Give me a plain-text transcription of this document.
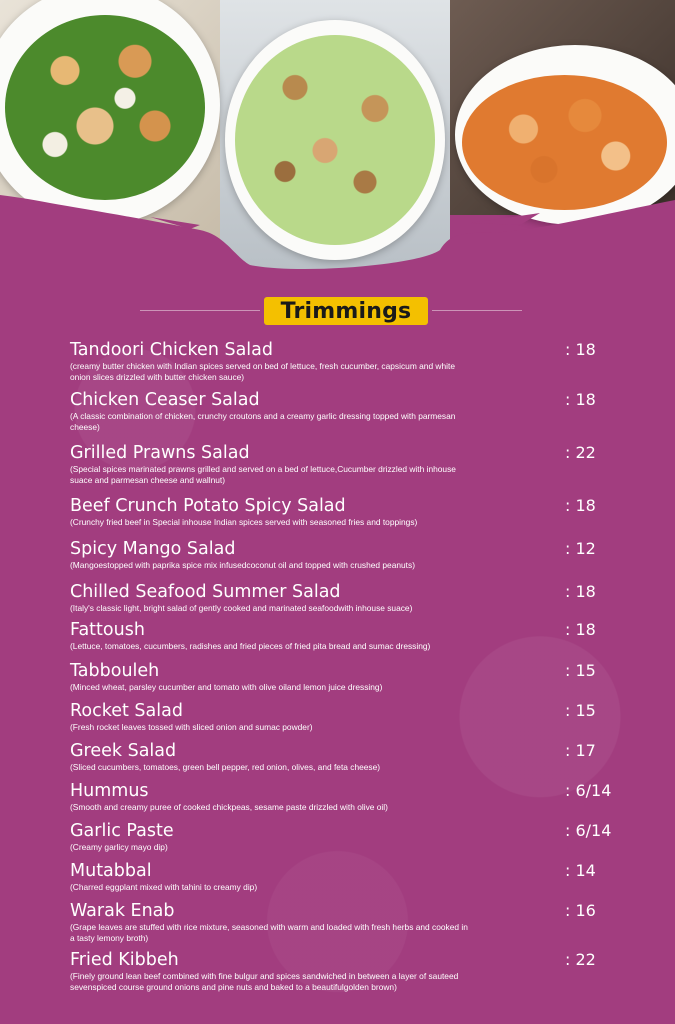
Trimmings
Tandoori Chicken Salad
(creamy butter chicken with Indian spices served on bed of lettuce, fresh cucumber, capsicum and white onion slices drizzled with butter chicken sauce)
: 18
Chicken Ceaser Salad
(A classic combination of chicken, crunchy croutons and a creamy garlic dressing topped with parmesan cheese)
: 18
Grilled Prawns Salad
(Special spices marinated prawns grilled and served on a bed of lettuce,Cucumber drizzled with inhouse suace and parmesan cheese and wallnut)
: 22
Beef Crunch Potato Spicy Salad
(Crunchy fried beef in Special inhouse Indian spices served with seasoned fries and toppings)
: 18
Spicy Mango Salad
(Mangoestopped with paprika spice mix infusedcoconut oil and topped with crushed peanuts)
: 12
Chilled Seafood Summer Salad
(Italy's classic light, bright salad of gently cooked and marinated seafoodwith inhouse suace)
: 18
Fattoush
(Lettuce, tomatoes, cucumbers, radishes and fried pieces of fried pita bread and sumac dressing)
: 18
Tabbouleh
(Minced wheat, parsley cucumber and tomato with olive oiland lemon juice dressing)
: 15
Rocket Salad
(Fresh rocket leaves tossed with sliced onion and sumac powder)
: 15
Greek Salad
(Sliced cucumbers, tomatoes, green bell pepper, red onion, olives, and feta cheese)
: 17
Hummus
(Smooth and creamy puree of cooked chickpeas, sesame paste drizzled with olive oil)
: 6/14
Garlic Paste
(Creamy garlicy mayo dip)
: 6/14
Mutabbal
(Charred eggplant mixed with tahini to creamy dip)
: 14
Warak Enab
(Grape leaves are stuffed with rice mixture, seasoned with warm and loaded with fresh herbs and cooked in a tasty lemony broth)
: 16
Fried Kibbeh
(Finely ground lean beef combined with fine bulgur and spices sandwiched in between a layer of sauteed sevenspiced course ground onions and pine nuts and baked to a beautifulgolden brown)
: 22
